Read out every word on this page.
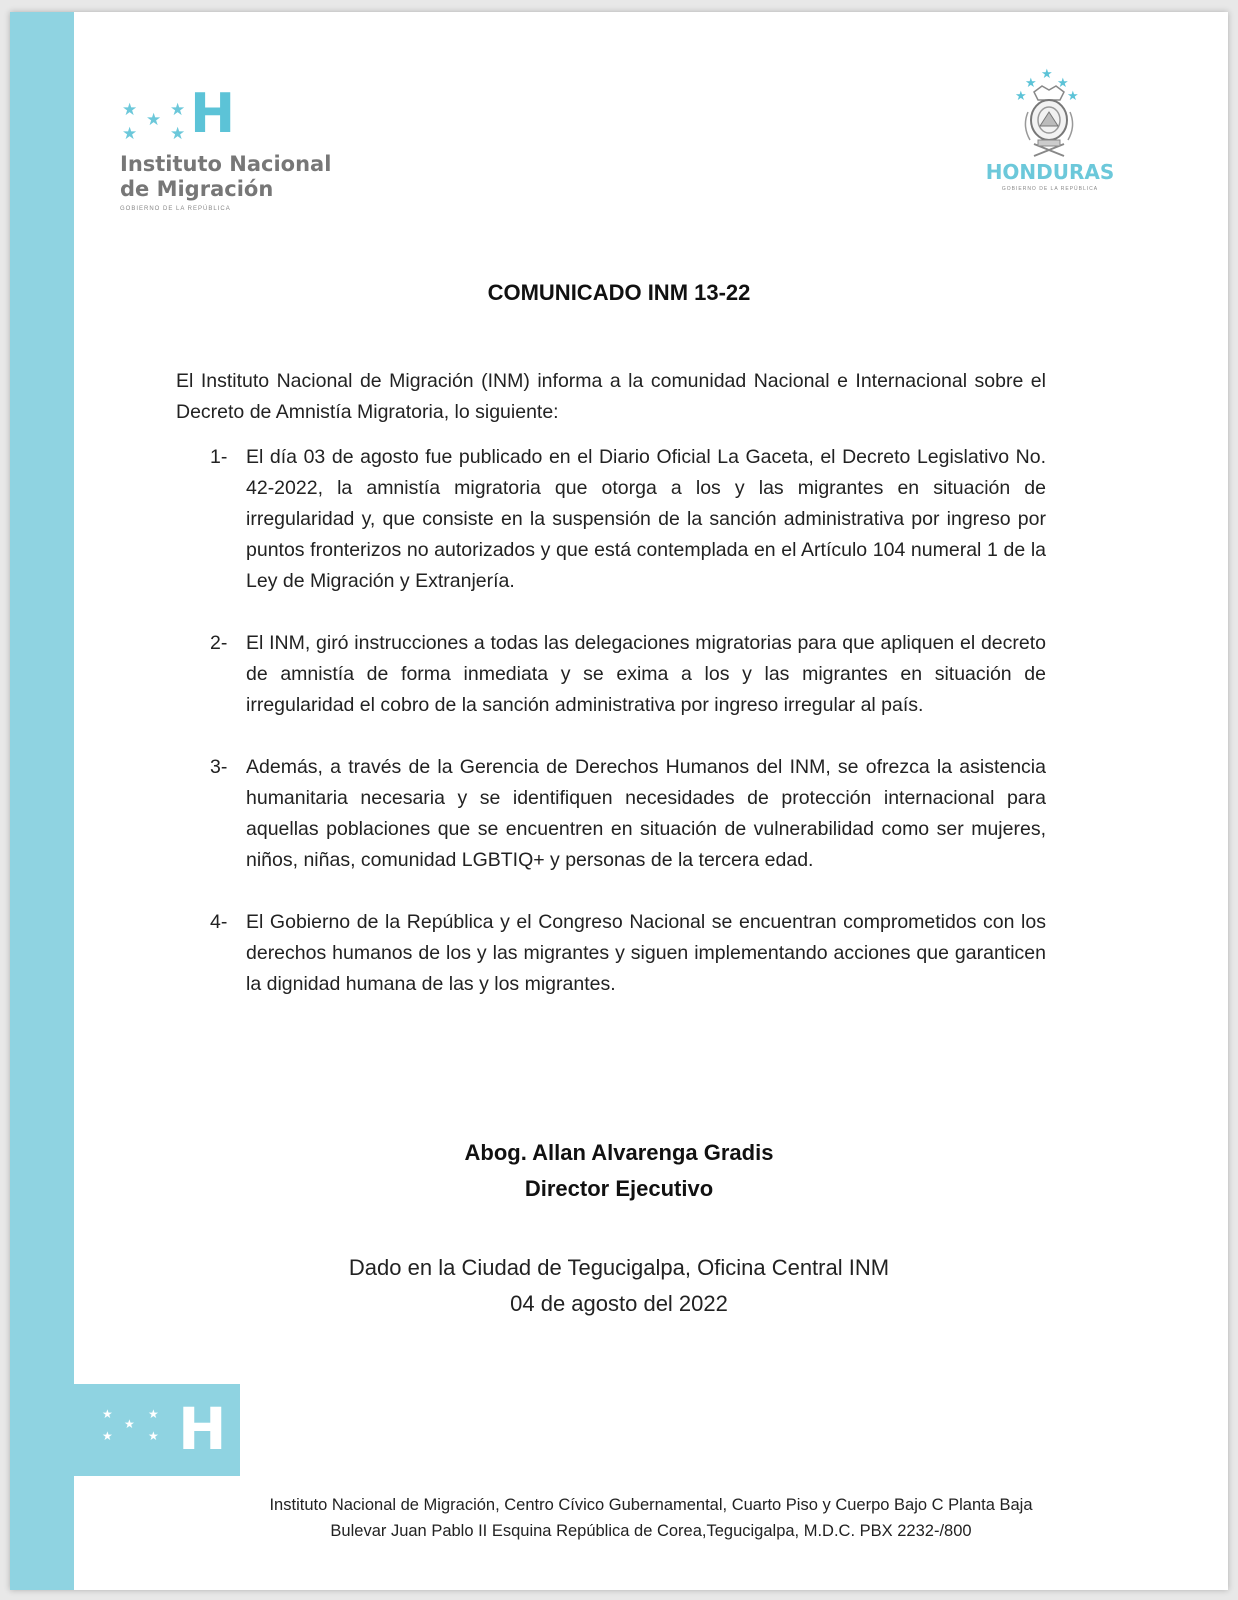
★ ★ ★
★ ★ H
Instituto Nacional
de Migración
GOBIERNO DE LA REPÚBLICA
★
★ ★
★	★
HONDURAS
GOBIERNO DE LA REPÚBLICA
COMUNICADO INM 13-22
El Instituto Nacional de Migración (INM) informa a la comunidad Nacional e Internacional sobre el Decreto de Amnistía Migratoria, lo siguiente:
1- El día 03 de agosto fue publicado en el Diario Oficial La Gaceta, el Decreto Legislativo No. 42-2022, la amnistía migratoria que otorga a los y las migrantes en situación de irregularidad y, que consiste en la suspensión de la sanción administrativa por ingreso por puntos fronterizos no autorizados y que está contemplada en el Artículo 104 numeral 1 de la Ley de Migración y Extranjería.
2- El INM, giró instrucciones a todas las delegaciones migratorias para que apliquen el decreto de amnistía de forma inmediata y se exima a los y las migrantes en situación de irregularidad el cobro de la sanción administrativa por ingreso irregular al país.
3- Además, a través de la Gerencia de Derechos Humanos del INM, se ofrezca la asistencia humanitaria necesaria y se identifiquen necesidades de protección internacional para aquellas poblaciones que se encuentren en situación de vulnerabilidad como ser mujeres, niños, niñas, comunidad LGBTIQ+ y personas de la tercera edad.
4- El Gobierno de la República y el Congreso Nacional se encuentran comprometidos con los derechos humanos de los y las migrantes y siguen implementando acciones que garanticen la dignidad humana de las y los migrantes.
Abog. Allan Alvarenga Gradis
Director Ejecutivo
Dado en la Ciudad de Tegucigalpa, Oficina Central INM
04 de agosto del 2022
★
★
★
★	★ H
Instituto Nacional de Migración, Centro Cívico Gubernamental, Cuarto Piso y Cuerpo Bajo C Planta Baja
Bulevar Juan Pablo II Esquina República de Corea,Tegucigalpa, M.D.C. PBX 2232-/800
